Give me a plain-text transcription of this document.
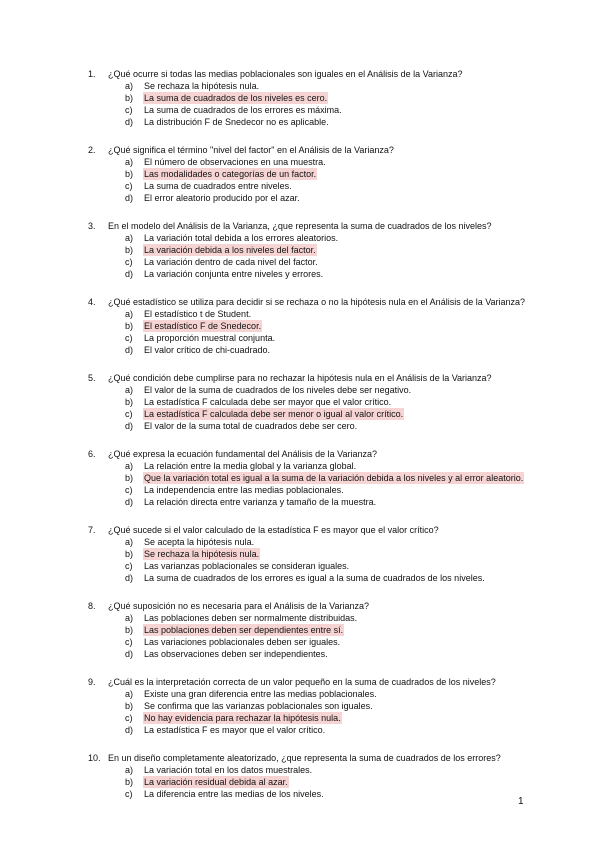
1. ¿Qué ocurre si todas las medias poblacionales son iguales en el Análisis de la Varianza?
a) Se rechaza la hipótesis nula.
b) La suma de cuadrados de los niveles es cero.
c) La suma de cuadrados de los errores es máxima.
d) La distribución F de Snedecor no es aplicable.
2. ¿Qué significa el término "nivel del factor" en el Análisis de la Varianza?
a) El número de observaciones en una muestra.
b) Las modalidades o categorías de un factor.
c) La suma de cuadrados entre niveles.
d) El error aleatorio producido por el azar.
3. En el modelo del Análisis de la Varianza, ¿que representa la suma de cuadrados de los niveles?
a) La variación total debida a los errores aleatorios.
b) La variación debida a los niveles del factor.
c) La variación dentro de cada nivel del factor.
d) La variación conjunta entre niveles y errores.
4. ¿Qué estadístico se utiliza para decidir si se rechaza o no la hipótesis nula en el Análisis de la Varianza?
a) El estadístico t de Student.
b) El estadístico F de Snedecor.
c) La proporción muestral conjunta.
d) El valor crítico de chi-cuadrado.
5. ¿Qué condición debe cumplirse para no rechazar la hipótesis nula en el Análisis de la Varianza?
a) El valor de la suma de cuadrados de los niveles debe ser negativo.
b) La estadística F calculada debe ser mayor que el valor crítico.
c) La estadística F calculada debe ser menor o igual al valor crítico.
d) El valor de la suma total de cuadrados debe ser cero.
6. ¿Qué expresa la ecuación fundamental del Análisis de la Varianza?
a) La relación entre la media global y la varianza global.
b) Que la variación total es igual a la suma de la variación debida a los niveles y al error aleatorio.
c) La independencia entre las medias poblacionales.
d) La relación directa entre varianza y tamaño de la muestra.
7. ¿Qué sucede si el valor calculado de la estadística F es mayor que el valor crítico?
a) Se acepta la hipótesis nula.
b) Se rechaza la hipótesis nula.
c) Las varianzas poblacionales se consideran iguales.
d) La suma de cuadrados de los errores es igual a la suma de cuadrados de los niveles.
8. ¿Qué suposición no es necesaria para el Análisis de la Varianza?
a) Las poblaciones deben ser normalmente distribuidas.
b) Las poblaciones deben ser dependientes entre sí.
c) Las variaciones poblacionales deben ser iguales.
d) Las observaciones deben ser independientes.
9. ¿Cuál es la interpretación correcta de un valor pequeño en la suma de cuadrados de los niveles?
a) Existe una gran diferencia entre las medias poblacionales.
b) Se confirma que las varianzas poblacionales son iguales.
c) No hay evidencia para rechazar la hipótesis nula.
d) La estadística F es mayor que el valor crítico.
10. En un diseño completamente aleatorizado, ¿que representa la suma de cuadrados de los errores?
a) La variación total en los datos muestrales.
b) La variación residual debida al azar.
c) La diferencia entre las medias de los niveles.
1
